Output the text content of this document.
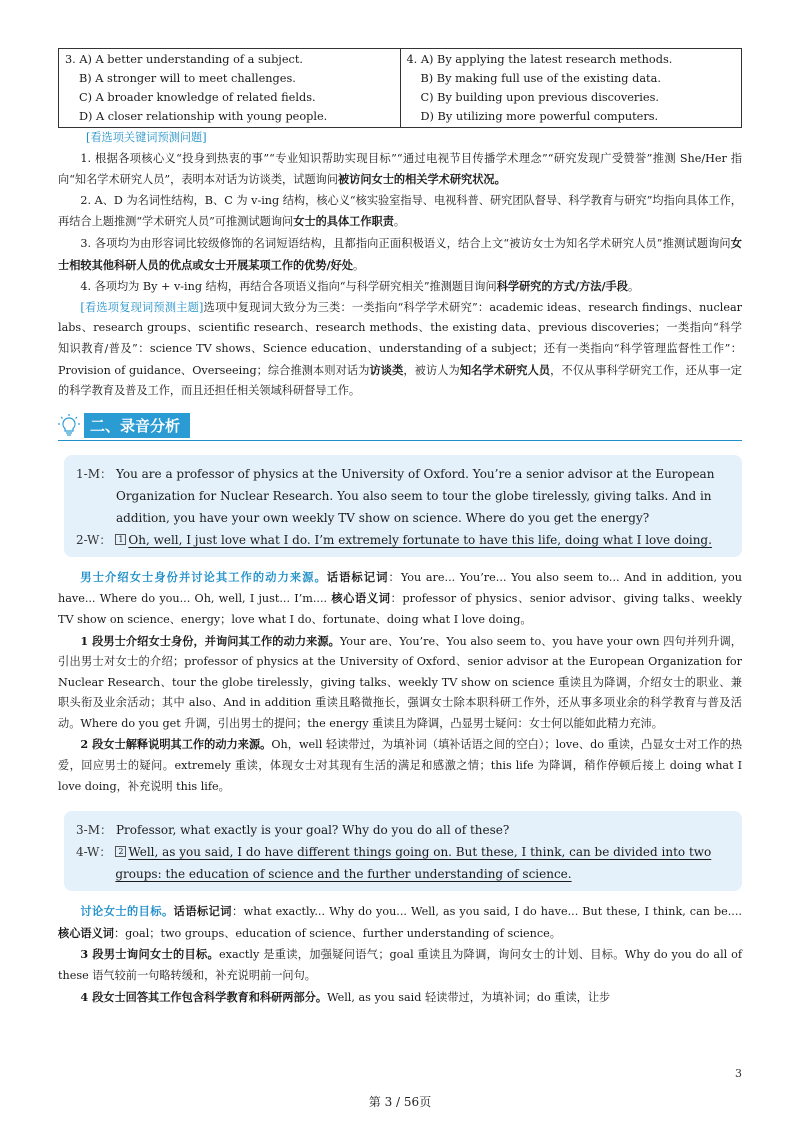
3. A) A better understanding of a subject.
B) A stronger will to meet challenges.
C) A broader knowledge of related fields.
D) A closer relationship with young people.

4. A) By applying the latest research methods.
B) By making full use of the existing data.
C) By building upon previous discoveries.
D) By utilizing more powerful computers.

[看选项关键词预测问题]

1. 根据各项核心义“投身到热衷的事”“专业知识帮助实现目标”“通过电视节目传播学术理念”“研究发现广受赞誉”推测 She/Her 指向“知名学术研究人员”，表明本对话为访谈类，试题询问被访问女士的相关学术研究状况。

2. A、D 为名词性结构，B、C 为 v-ing 结构，核心义“核实验室指导、电视科普、研究团队督导、科学教育与研究”均指向具体工作，再结合上题推测“学术研究人员”可推测试题询问女士的具体工作职责。

3. 各项均为由形容词比较级修饰的名词短语结构，且都指向正面积极语义，结合上文“被访女士为知名学术研究人员”推测试题询问女士相较其他科研人员的优点或女士开展某项工作的优势/好处。

4. 各项均为 By + v-ing 结构，再结合各项语义指向“与科学研究相关”推测题目询问科学研究的方式/方法/手段。

[看选项复现词预测主题]选项中复现词大致分为三类：一类指向“科学学术研究”：academic ideas、research findings、nuclear labs、research groups、scientific research、research methods、the existing data、previous discoveries；一类指向“科学知识教育/普及”：science TV shows、Science education、understanding of a subject；还有一类指向“科学管理监督性工作”：Provision of guidance、Overseeing；综合推测本则对话为访谈类，被访人为知名学术研究人员，不仅从事科学研究工作，还从事一定的科学教育及普及工作，而且还担任相关领域科研督导工作。

二、录音分析
1-M： You are a professor of physics at the University of Oxford. You’re a senior advisor at the European Organization for Nuclear Research. You also seem to tour the globe tirelessly, giving talks. And in addition, you have your own weekly TV show on science. Where do you get the energy?
2-W： 1 Oh, well, I just love what I do. I’m extremely fortunate to have this life, doing what I love doing.

男士介绍女士身份并讨论其工作的动力来源。话语标记词：You are... You’re... You also seem to... And in addition, you have... Where do you... Oh, well, I just... I’m.... 核心语义词：professor of physics、senior advisor、giving talks、weekly TV show on science、energy；love what I do、fortunate、doing what I love doing。

1 段男士介绍女士身份，并询问其工作的动力来源。Your are、You’re、You also seem to、you have your own 四句并列升调，引出男士对女士的介绍；professor of physics at the University of Oxford、senior advisor at the European Organization for Nuclear Research、tour the globe tirelessly，giving talks、weekly TV show on science 重读且为降调，介绍女士的职业、兼职头衔及业余活动；其中 also、And in addition 重读且略微拖长，强调女士除本职科研工作外，还从事多项业余的科学教育与普及活动。Where do you get 升调，引出男士的提问；the energy 重读且为降调，凸显男士疑问：女士何以能如此精力充沛。

2 段女士解释说明其工作的动力来源。Oh，well 轻读带过，为填补词（填补话语之间的空白）；love、do 重读，凸显女士对工作的热爱，回应男士的疑问。extremely 重读，体现女士对其现有生活的满足和感激之情；this life 为降调，稍作停顿后接上 doing what I love doing，补充说明 this life。

3-M： Professor, what exactly is your goal? Why do you do all of these?
4-W： 2 Well, as you said, I do have different things going on. But these, I think, can be divided into two groups: the education of science and the further understanding of science.

讨论女士的目标。话语标记词：what exactly... Why do you... Well, as you said, I do have... But these, I think, can be.... 核心语义词：goal；two groups、education of science、further understanding of science。

3 段男士询问女士的目标。exactly 是重读，加强疑问语气；goal 重读且为降调，询问女士的计划、目标。Why do you do all of these 语气较前一句略转缓和，补充说明前一问句。

4 段女士回答其工作包含科学教育和科研两部分。Well, as you said 轻读带过，为填补词；do 重读，让步

3
第 3 / 56页
